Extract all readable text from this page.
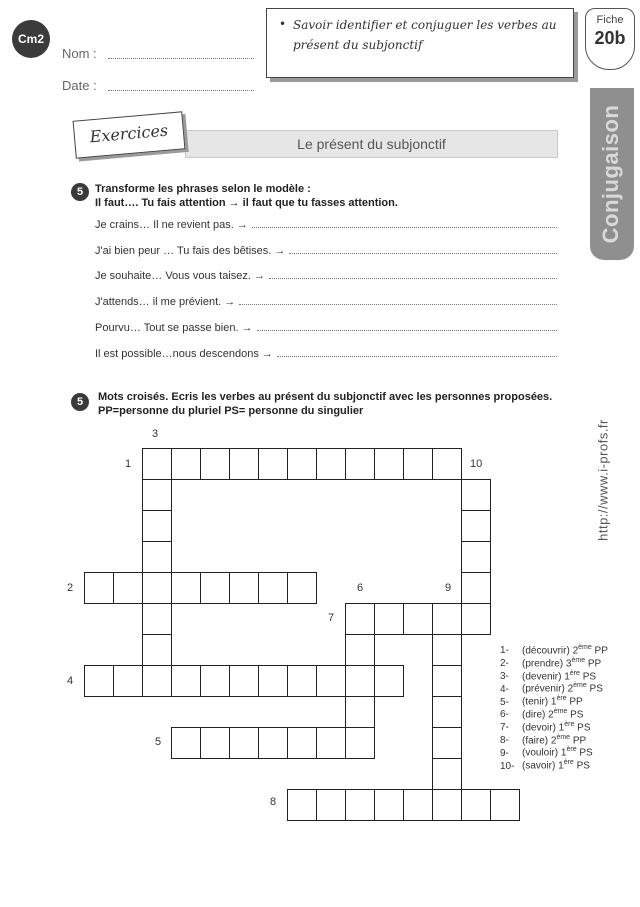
Cm2
Nom :
Date :
• Savoir identifier et conjuguer les verbes au présent du subjonctif
Fiche
20b
Conjugaison
Le présent du subjonctif
Exercices
5	Transforme les phrases selon le modèle :
Il faut…. Tu fais attention → il faut que tu fasses attention.
Je crains… Il ne revient pas. →
J'ai bien peur … Tu fais des bêtises. →
Je souhaite… Vous vous taisez. →
J'attends… il me prévient. →
Pourvu… Tout se passe bien. →
Il est possible…nous descendons →
5	Mots croisés. Ecris les verbes au présent du subjonctif avec les personnes proposées.
PP=personne du pluriel PS= personne du singulier
http://www.i-profs.fr
3
1	10
2	6	9
7
4
5
8
1- (découvrir) 2ème PP
2- (prendre) 3ème PP
3- (devenir) 1ère PS
4- (prévenir) 2ème PS
5- (tenir) 1ère PP
6- (dire) 2ème PS
7- (devoir) 1ère PS
8- (faire) 2ème PP
9- (vouloir) 1ère PS
10- (savoir) 1ère PS
